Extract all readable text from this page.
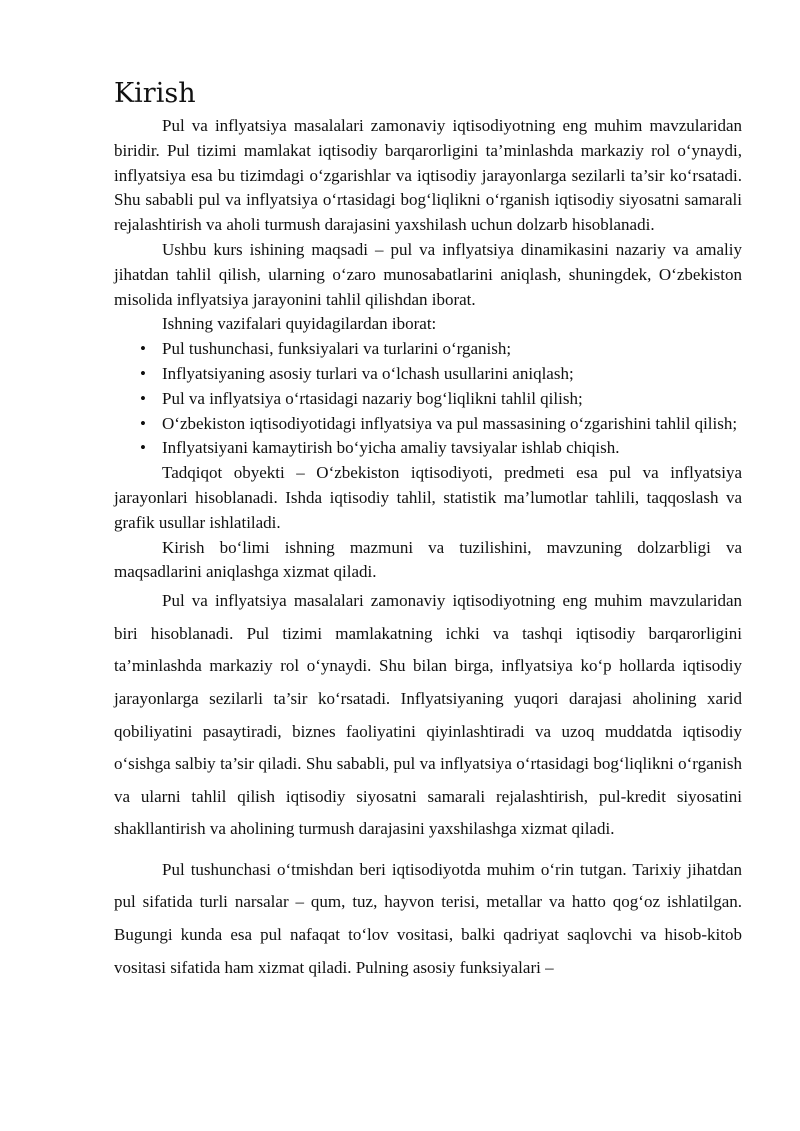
Kirish

Pul va inflyatsiya masalalari zamonaviy iqtisodiyotning eng muhim mavzularidan biridir. Pul tizimi mamlakat iqtisodiy barqarorligini ta’minlashda markaziy rol o‘ynaydi, inflyatsiya esa bu tizimdagi o‘zgarishlar va iqtisodiy jarayonlarga sezilarli ta’sir ko‘rsatadi. Shu sababli pul va inflyatsiya o‘rtasidagi bog‘liqlikni o‘rganish iqtisodiy siyosatni samarali rejalashtirish va aholi turmush darajasini yaxshilash uchun dolzarb hisoblanadi.

Ushbu kurs ishining maqsadi – pul va inflyatsiya dinamikasini nazariy va amaliy jihatdan tahlil qilish, ularning o‘zaro munosabatlarini aniqlash, shuningdek, O‘zbekiston misolida inflyatsiya jarayonini tahlil qilishdan iborat.

Ishning vazifalari quyidagilardan iborat:

• Pul tushunchasi, funksiyalari va turlarini o‘rganish;
• Inflyatsiyaning asosiy turlari va o‘lchash usullarini aniqlash;
• Pul va inflyatsiya o‘rtasidagi nazariy bog‘liqlikni tahlil qilish;
• O‘zbekiston iqtisodiyotidagi inflyatsiya va pul massasining o‘zgarishini tahlil qilish;
• Inflyatsiyani kamaytirish bo‘yicha amaliy tavsiyalar ishlab chiqish.

Tadqiqot obyekti – O‘zbekiston iqtisodiyoti, predmeti esa pul va inflyatsiya jarayonlari hisoblanadi. Ishda iqtisodiy tahlil, statistik ma’lumotlar tahlili, taqqoslash va grafik usullar ishlatiladi.

Kirish bo‘limi ishning mazmuni va tuzilishini, mavzuning dolzarbligi va maqsadlarini aniqlashga xizmat qiladi.

Pul va inflyatsiya masalalari zamonaviy iqtisodiyotning eng muhim mavzularidan biri hisoblanadi. Pul tizimi mamlakatning ichki va tashqi iqtisodiy barqarorligini ta’minlashda markaziy rol o‘ynaydi. Shu bilan birga, inflyatsiya ko‘p hollarda iqtisodiy jarayonlarga sezilarli ta’sir ko‘rsatadi. Inflyatsiyaning yuqori darajasi aholining xarid qobiliyatini pasaytiradi, biznes faoliyatini qiyinlashtiradi va uzoq muddatda iqtisodiy o‘sishga salbiy ta’sir qiladi. Shu sababli, pul va inflyatsiya o‘rtasidagi bog‘liqlikni o‘rganish va ularni tahlil qilish iqtisodiy siyosatni samarali rejalashtirish, pul-kredit siyosatini shakllantirish va aholining turmush darajasini yaxshilashga xizmat qiladi.

Pul tushunchasi o‘tmishdan beri iqtisodiyotda muhim o‘rin tutgan. Tarixiy jihatdan pul sifatida turli narsalar – qum, tuz, hayvon terisi, metallar va hatto qog‘oz ishlatilgan. Bugungi kunda esa pul nafaqat to‘lov vositasi, balki qadriyat saqlovchi va hisob-kitob vositasi sifatida ham xizmat qiladi. Pulning asosiy funksiyalari –
